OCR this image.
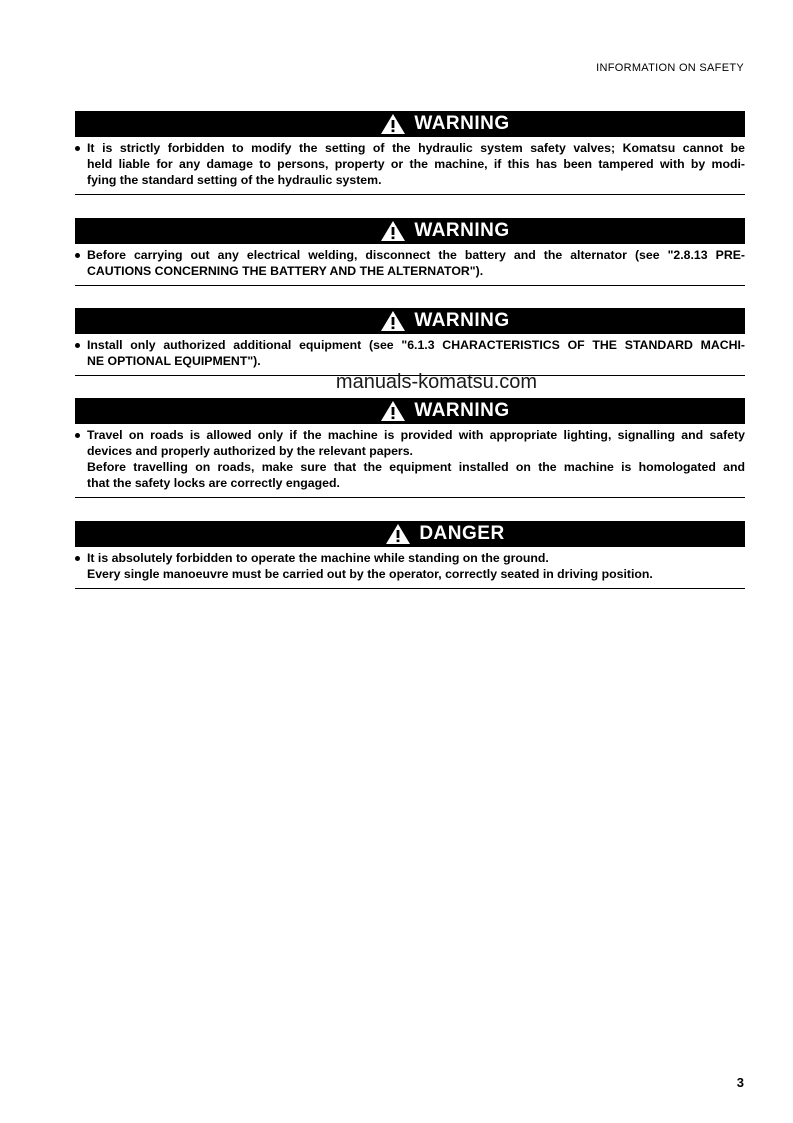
INFORMATION ON SAFETY
WARNING
It is strictly forbidden to modify the setting of the hydraulic system safety valves; Komatsu cannot be
held liable for any damage to persons, property or the machine, if this has been tampered with by modi-
fying the standard setting of the hydraulic system.
WARNING
Before carrying out any electrical welding, disconnect the battery and the alternator (see "2.8.13 PRE-
CAUTIONS CONCERNING THE BATTERY AND THE ALTERNATOR").
WARNING
Install only authorized additional equipment (see "6.1.3 CHARACTERISTICS OF THE STANDARD MACHI-
NE OPTIONAL EQUIPMENT").
manuals-komatsu.com
WARNING
Travel on roads is allowed only if the machine is provided with appropriate lighting, signalling and safety
devices and properly authorized by the relevant papers.
Before travelling on roads, make sure that the equipment installed on the machine is homologated and
that the safety locks are correctly engaged.
DANGER
It is absolutely forbidden to operate the machine while standing on the ground.
Every single manoeuvre must be carried out by the operator, correctly seated in driving position.
3
